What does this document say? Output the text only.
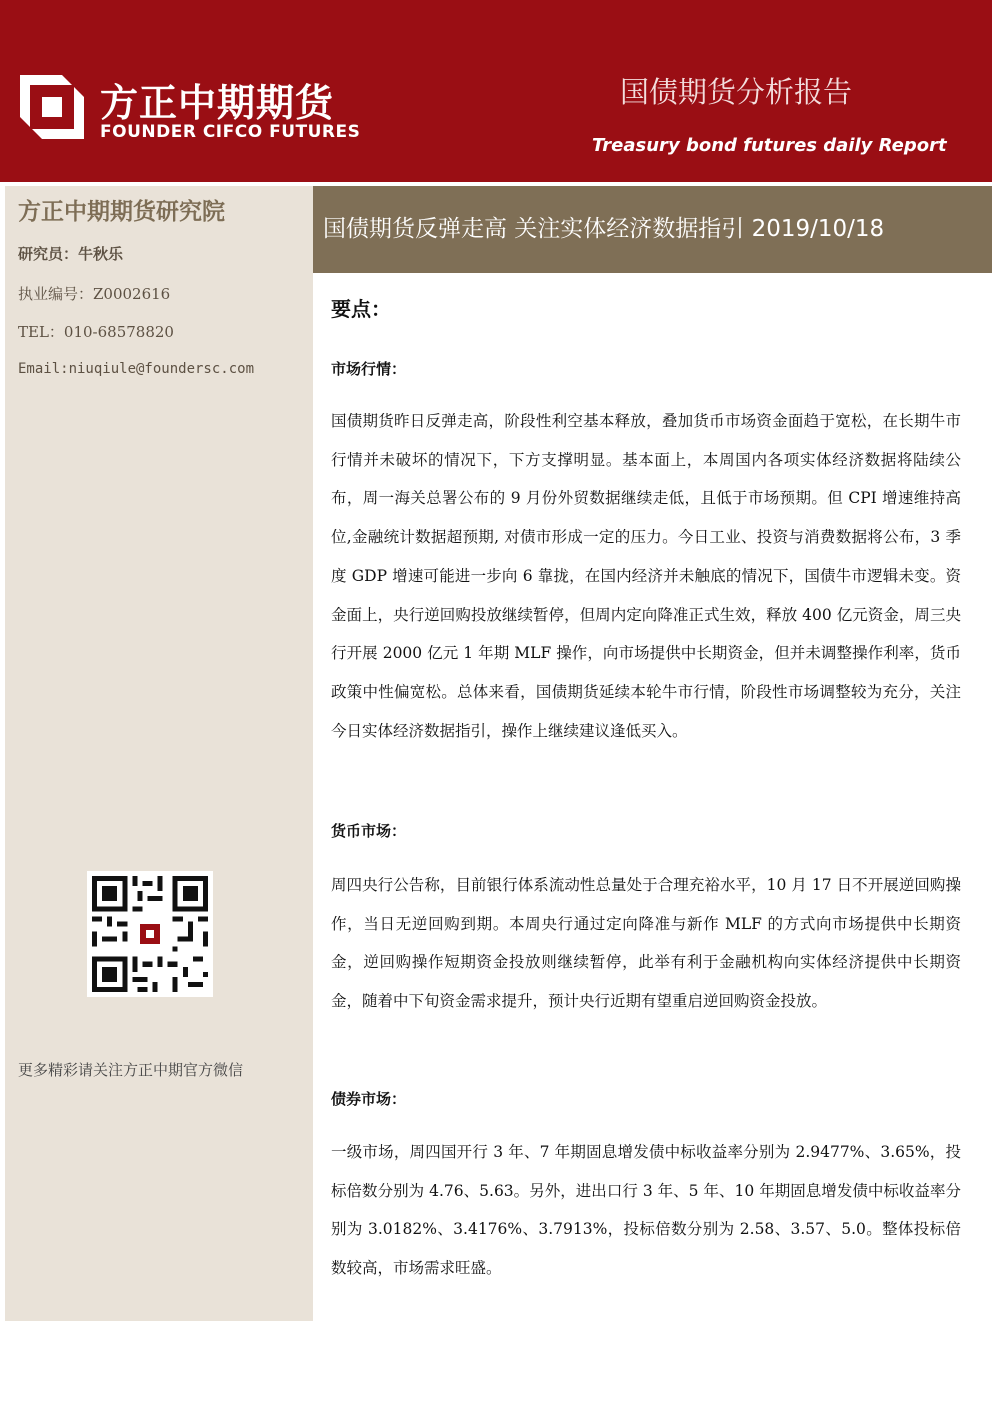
方正中期期货
FOUNDER CIFCO FUTURES
国债期货分析报告
Treasury bond futures daily Report
方正中期期货研究院
研究员：牛秋乐
执业编号：Z0002616
TEL：010-68578820
Email:niuqiule@foundersc.com
更多精彩请关注方正中期官方微信
国债期货反弹走高 关注实体经济数据指引 2019/10/18
要点：
市场行情：
国债期货昨日反弹走高，阶段性利空基本释放，叠加货币市场资金面趋于宽松，在长期牛市行情并未破坏的情况下，下方支撑明显。基本面上，本周国内各项实体经济数据将陆续公布，周一海关总署公布的 9 月份外贸数据继续走低，且低于市场预期。但 CPI 增速维持高位,金融统计数据超预期, 对债市形成一定的压力。今日工业、投资与消费数据将公布，3 季度 GDP 增速可能进一步向 6 靠拢，在国内经济并未触底的情况下，国债牛市逻辑未变。资金面上，央行逆回购投放继续暂停，但周内定向降准正式生效，释放 400 亿元资金，周三央行开展 2000 亿元 1 年期 MLF 操作，向市场提供中长期资金，但并未调整操作利率，货币政策中性偏宽松。总体来看，国债期货延续本轮牛市行情，阶段性市场调整较为充分，关注今日实体经济数据指引，操作上继续建议逢低买入。
货币市场：
周四央行公告称，目前银行体系流动性总量处于合理充裕水平，10 月 17 日不开展逆回购操作，当日无逆回购到期。本周央行通过定向降准与新作 MLF 的方式向市场提供中长期资金，逆回购操作短期资金投放则继续暂停，此举有利于金融机构向实体经济提供中长期资金，随着中下旬资金需求提升，预计央行近期有望重启逆回购资金投放。
债券市场：
一级市场，周四国开行 3 年、7 年期固息增发债中标收益率分别为 2.9477%、3.65%，投标倍数分别为 4.76、5.63。另外，进出口行 3 年、5 年、10 年期固息增发债中标收益率分别为 3.0182%、3.4176%、3.7913%，投标倍数分别为 2.58、3.57、5.0。整体投标倍数较高，市场需求旺盛。
